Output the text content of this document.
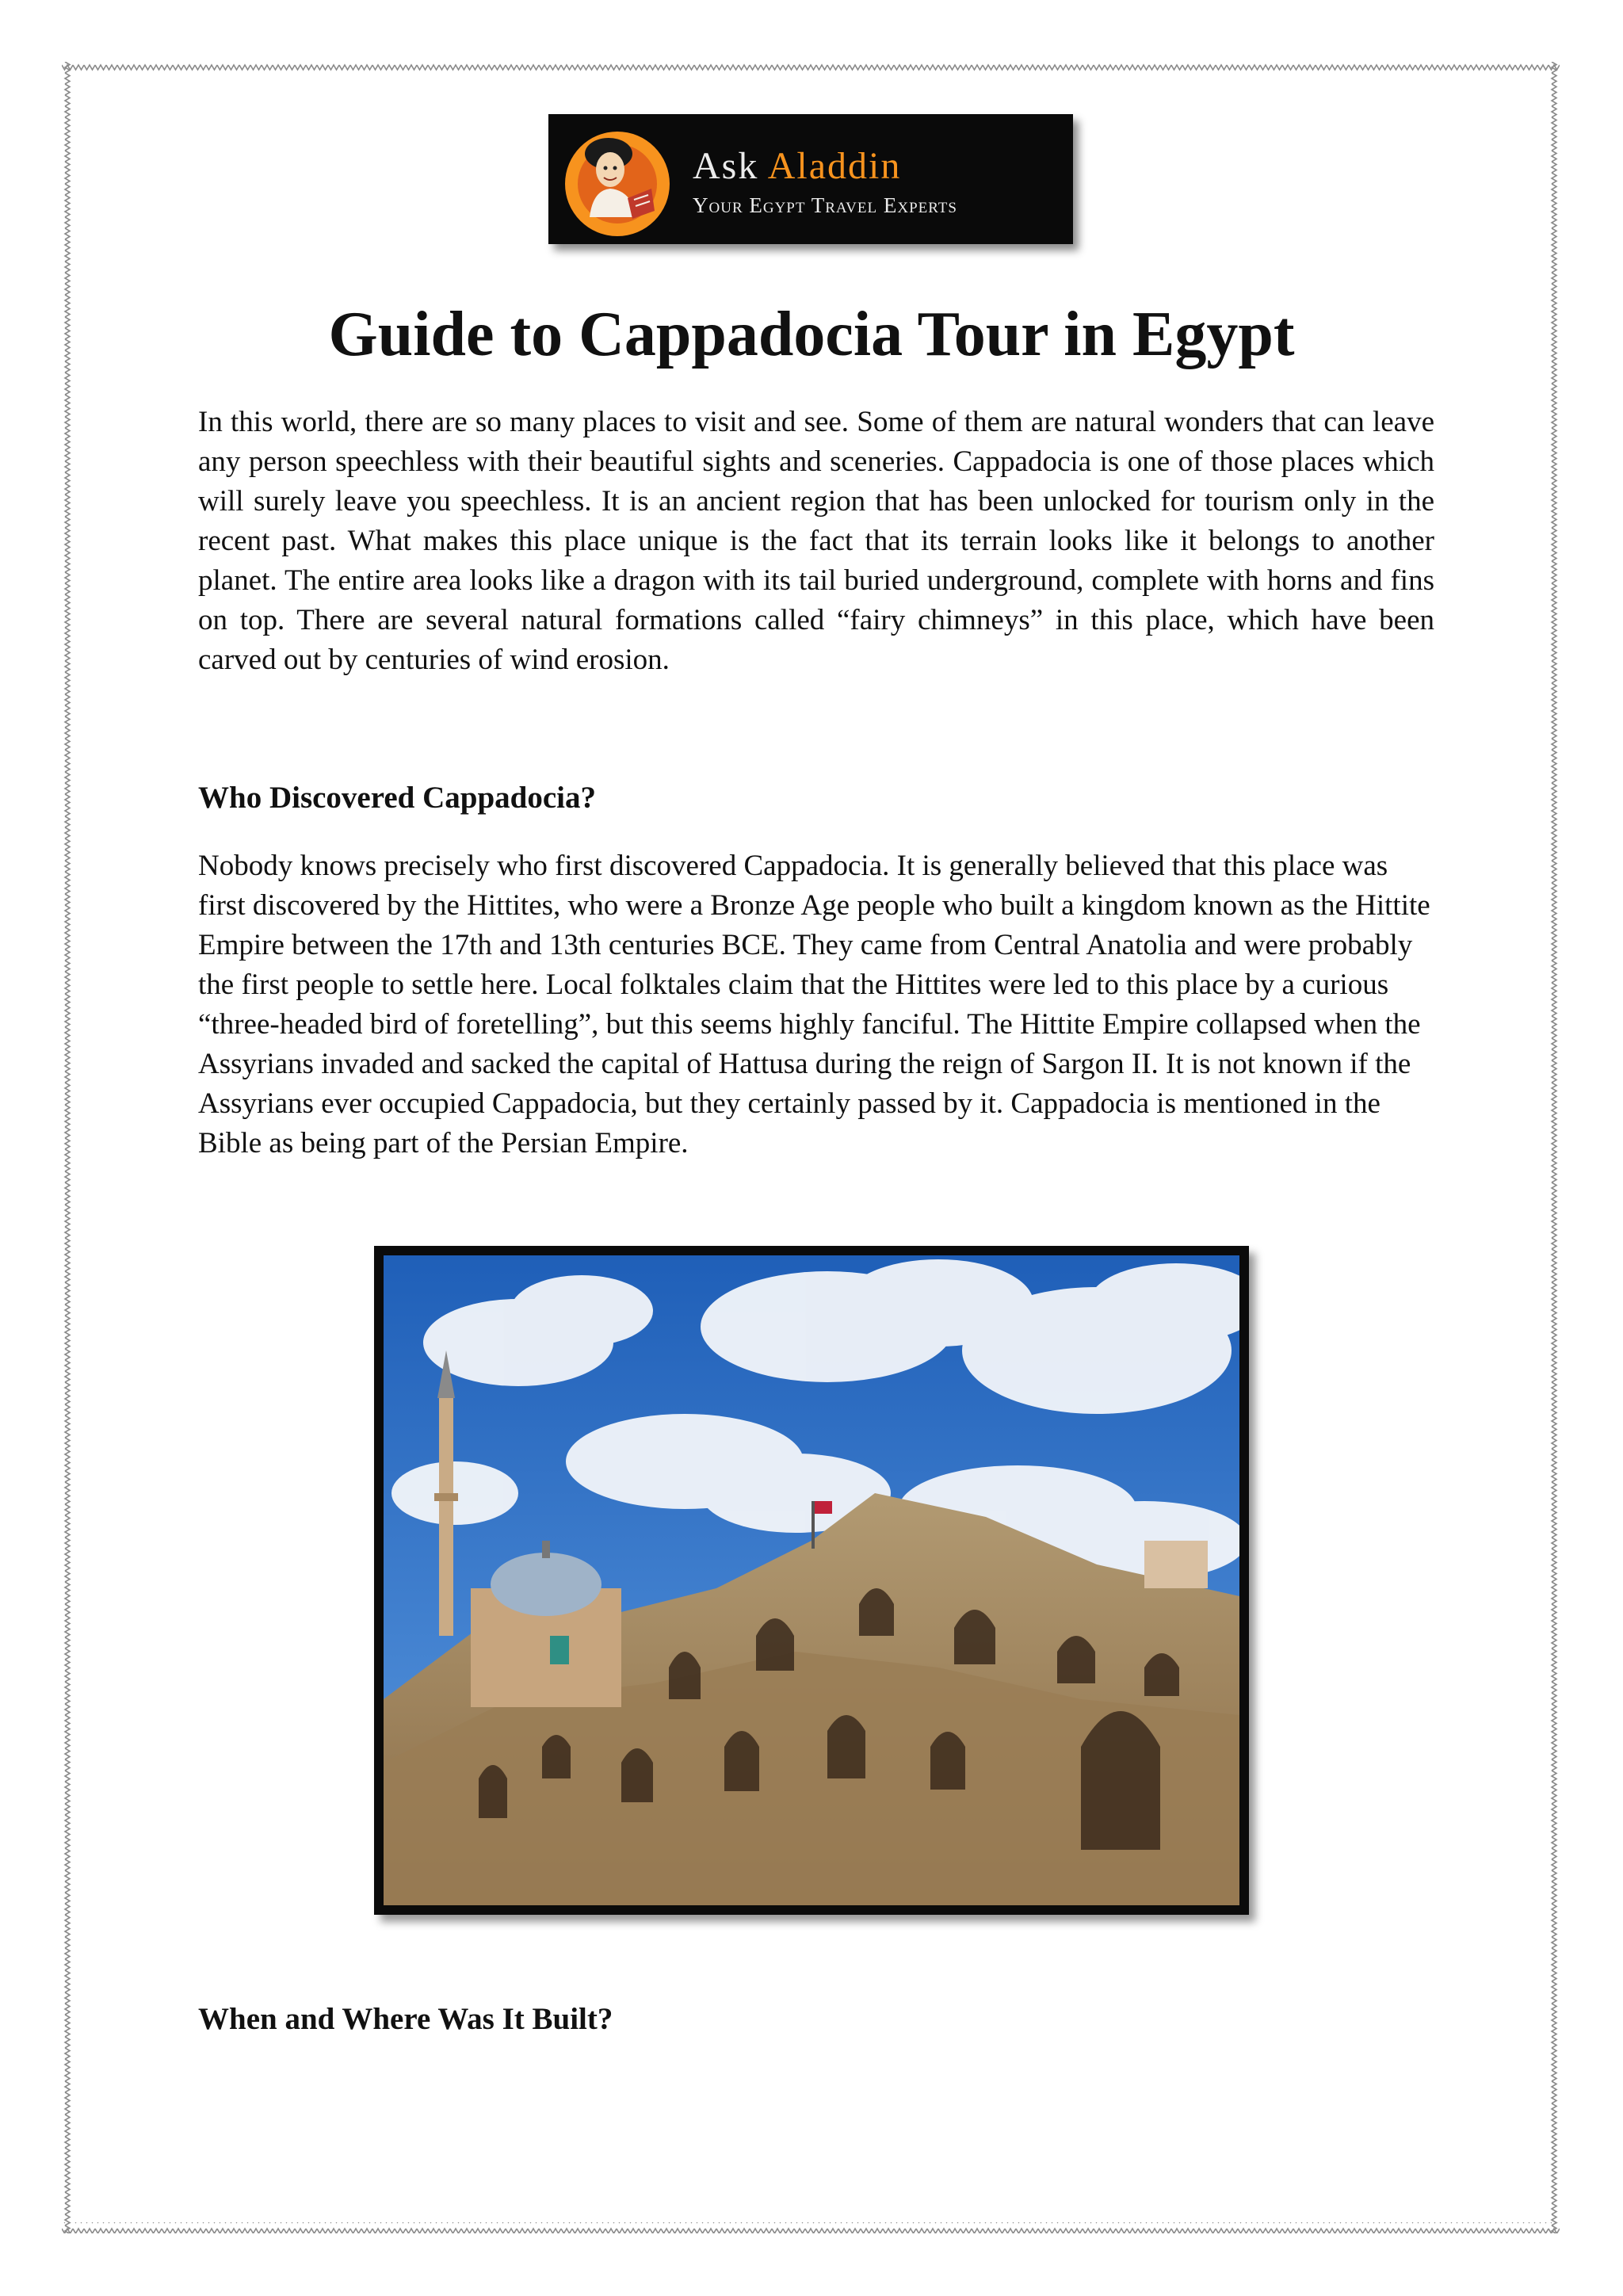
Ask Aladdin
Your Egypt Travel Experts
Guide to Cappadocia Tour in Egypt

In this world, there are so many places to visit and see. Some of them are natural wonders that can leave any person speechless with their beautiful sights and sceneries. Cappadocia is one of those places which will surely leave you speechless. It is an ancient region that has been unlocked for tourism only in the recent past. What makes this place unique is the fact that its terrain looks like it belongs to another planet. The entire area looks like a dragon with its tail buried underground, complete with horns and fins on top. There are several natural formations called “fairy chimneys” in this place, which have been carved out by centuries of wind erosion.

Who Discovered Cappadocia?

Nobody knows precisely who first discovered Cappadocia. It is generally believed that this place was first discovered by the Hittites, who were a Bronze Age people who built a kingdom known as the Hittite Empire between the 17th and 13th centuries BCE. They came from Central Anatolia and were probably the first people to settle here. Local folktales claim that the Hittites were led to this place by a curious “three-headed bird of foretelling”, but this seems highly fanciful. The Hittite Empire collapsed when the Assyrians invaded and sacked the capital of Hattusa during the reign of Sargon II. It is not known if the Assyrians ever occupied Cappadocia, but they certainly passed by it. Cappadocia is mentioned in the Bible as being part of the Persian Empire.

When and Where Was It Built?
